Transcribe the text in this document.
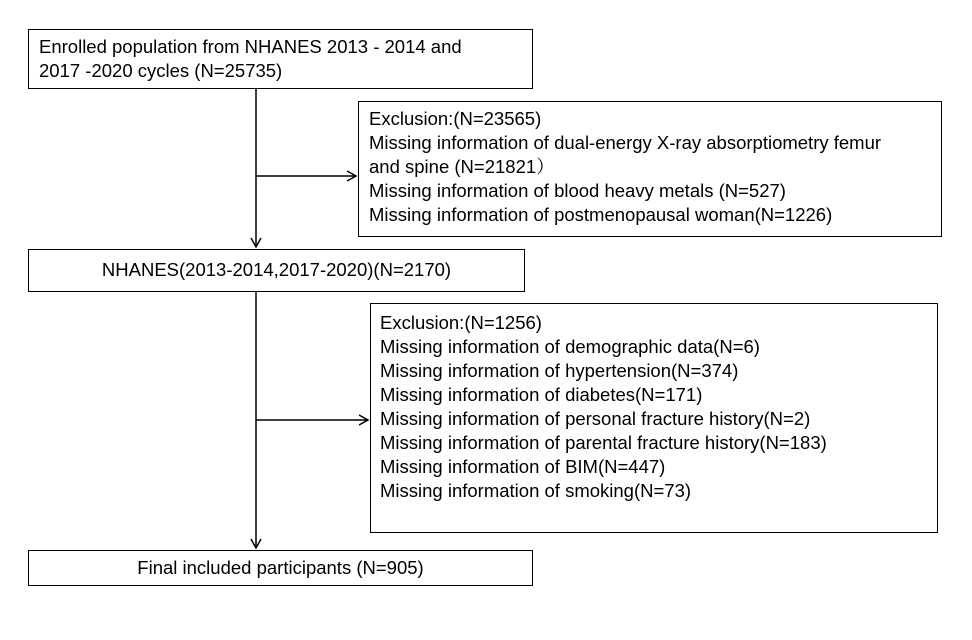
Enrolled population from NHANES 2013 - 2014 and
2017 -2020 cycles (N=25735)
Exclusion:(N=23565)
Missing information of dual-energy X-ray absorptiometry femur
and spine (N=21821）
Missing information of blood heavy metals (N=527)
Missing information of postmenopausal woman(N=1226)
NHANES(2013-2014,2017-2020)(N=2170)
Exclusion:(N=1256)
Missing information of demographic data(N=6)
Missing information of hypertension(N=374)
Missing information of diabetes(N=171)
Missing information of personal fracture history(N=2)
Missing information of parental fracture history(N=183)
Missing information of BIM(N=447)
Missing information of smoking(N=73)
Final included participants (N=905)
